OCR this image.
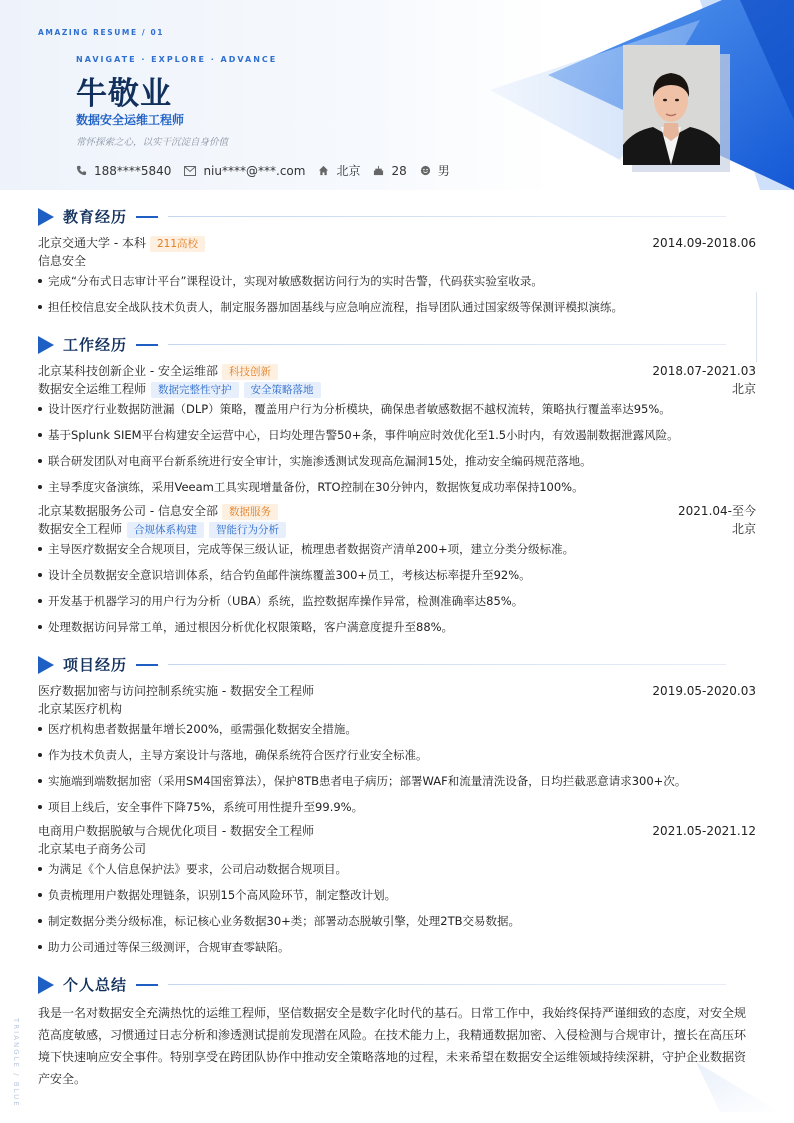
AMAZING RESUME / 01
NAVIGATE · EXPLORE · ADVANCE
牛敬业
数据安全运维工程师
常怀探索之心，以实干沉淀自身价值
188****5840	niu****@***.com	北京	28	男
教育经历
北京交通大学 - 本科 211高校	2014.09-2018.06
信息安全
完成“分布式日志审计平台”课程设计，实现对敏感数据访问行为的实时告警，代码获实验室收录。
担任校信息安全战队技术负责人，制定服务器加固基线与应急响应流程，指导团队通过国家级等保测评模拟演练。
工作经历
北京某科技创新企业 - 安全运维部 科技创新	2018.07-2021.03
数据安全运维工程师 数据完整性守护 安全策略落地	北京
设计医疗行业数据防泄漏（DLP）策略，覆盖用户行为分析模块，确保患者敏感数据不越权流转，策略执行覆盖率达95%。
基于Splunk SIEM平台构建安全运营中心，日均处理告警50+条，事件响应时效优化至1.5小时内，有效遏制数据泄露风险。
联合研发团队对电商平台新系统进行安全审计，实施渗透测试发现高危漏洞15处，推动安全编码规范落地。
主导季度灾备演练，采用Veeam工具实现增量备份，RTO控制在30分钟内，数据恢复成功率保持100%。
北京某数据服务公司 - 信息安全部 数据服务	2021.04-至今
数据安全工程师 合规体系构建 智能行为分析	北京
主导医疗数据安全合规项目，完成等保三级认证，梳理患者数据资产清单200+项，建立分类分级标准。
设计全员数据安全意识培训体系，结合钓鱼邮件演练覆盖300+员工，考核达标率提升至92%。
开发基于机器学习的用户行为分析（UBA）系统，监控数据库操作异常，检测准确率达85%。
处理数据访问异常工单，通过根因分析优化权限策略，客户满意度提升至88%。
项目经历
医疗数据加密与访问控制系统实施 - 数据安全工程师	2019.05-2020.03
北京某医疗机构
医疗机构患者数据量年增长200%，亟需强化数据安全措施。
作为技术负责人，主导方案设计与落地，确保系统符合医疗行业安全标准。
实施端到端数据加密（采用SM4国密算法），保护8TB患者电子病历；部署WAF和流量清洗设备，日均拦截恶意请求300+次。
项目上线后，安全事件下降75%，系统可用性提升至99.9%。
电商用户数据脱敏与合规优化项目 - 数据安全工程师	2021.05-2021.12
北京某电子商务公司
为满足《个人信息保护法》要求，公司启动数据合规项目。
负责梳理用户数据处理链条，识别15个高风险环节，制定整改计划。
制定数据分类分级标准，标记核心业务数据30+类；部署动态脱敏引擎，处理2TB交易数据。
助力公司通过等保三级测评，合规审查零缺陷。
个人总结
我是一名对数据安全充满热忱的运维工程师，坚信数据安全是数字化时代的基石。日常工作中，我始终保持严谨细致的态度，对安全规范高度敏感，习惯通过日志分析和渗透测试提前发现潜在风险。在技术能力上，我精通数据加密、入侵检测与合规审计，擅长在高压环境下快速响应安全事件。特别享受在跨团队协作中推动安全策略落地的过程，未来希望在数据安全运维领域持续深耕，守护企业数据资产安全。
TRIANGLE / BLUE
